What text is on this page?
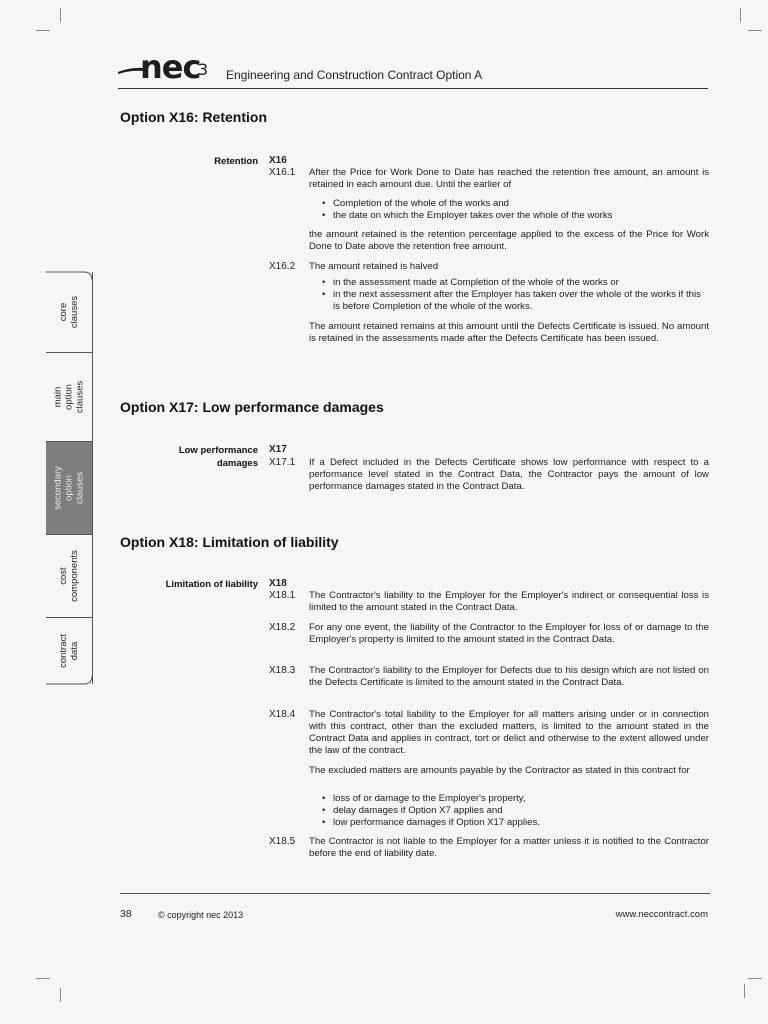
nec
3 Engineering and Construction Contract Option A
core
clauses
main
option clauses
secondary
option clauses
cost
components
contract
data
Option X16: Retention
Retention X16
X16.1	After the Price for Work Done to Date has reached the retention free amount, an amount is retained in each amount due. Until the earlier of
• Completion of the whole of the works and
• the date on which the Employer takes over the whole of the works
the amount retained is the retention percentage applied to the excess of the Price for Work Done to Date above the retention free amount.
X16.2	The amount retained is halved
• in the assessment made at Completion of the whole of the works or
• in the next assessment after the Employer has taken over the whole of the works if this is before Completion of the whole of the works.
The amount retained remains at this amount until the Defects Certificate is issued. No amount is retained in the assessments made after the Defects Certificate has been issued.
Option X17: Low performance damages
Low performance
damages
X17
X17.1	If a Defect included in the Defects Certificate shows low performance with respect to a performance level stated in the Contract Data, the Contractor pays the amount of low performance damages stated in the Contract Data.
Option X18: Limitation of liability
Limitation of liability X18
X18.1	The Contractor's liability to the Employer for the Employer's indirect or consequential loss is limited to the amount stated in the Contract Data.
X18.2	For any one event, the liability of the Contractor to the Employer for loss of or damage to the Employer's property is limited to the amount stated in the Contract Data.
X18.3	The Contractor's liability to the Employer for Defects due to his design which are not listed on the Defects Certificate is limited to the amount stated in the Contract Data.
X18.4	The Contractor's total liability to the Employer for all matters arising under or in connection with this contract, other than the excluded matters, is limited to the amount stated in the Contract Data and applies in contract, tort or delict and otherwise to the extent allowed under the law of the contract.
The excluded matters are amounts payable by the Contractor as stated in this contract for
• loss of or damage to the Employer's property,
• delay damages if Option X7 applies and
• low performance damages if Option X17 applies.
X18.5	The Contractor is not liable to the Employer for a matter unless it is notified to the Contractor before the end of liability date.
38	© copyright nec 2013	www.neccontract.com
